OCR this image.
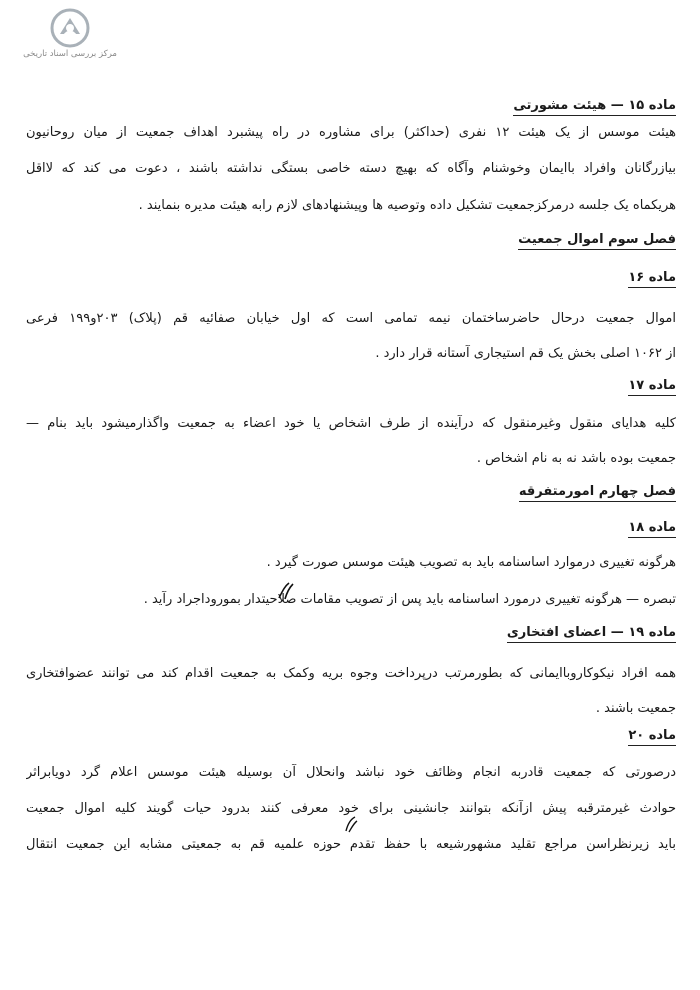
مرکز بررسی اسناد تاریخی
ماده ۱۵ — هیئت مشورتی
هیئت موسس از یک هیئت ۱۲ نفری (حداکثر) برای مشاوره در راه پیشبرد اهداف جمعیت از میان روحانیون
بیازرگانان وافراد باایمان وخوشنام وآگاه که بهیچ دسته خاصی بستگی نداشته باشند ، دعوت می کند که لااقل
هریکماه یک جلسه درمرکزجمعیت تشکیل داده وتوصیه ها وپیشنهادهای لازم رابه هیئت مدیره بنمایند .
فصل سوم اموال جمعیت
ماده ۱۶
اموال جمعیت درحال حاضرساختمان نیمه تمامی است که اول خیابان صفائیه قم (پلاک) ۲۰۳و۱۹۹ فرعی
از ۱۰۶۲ اصلی بخش یک قم استیجاری آستانه قرار دارد .
ماده ۱۷
کلیه هدایای منقول وغیرمنقول که درآینده از طرف اشخاص یا خود اعضاء به جمعیت واگذارمیشود باید بنام —
جمعیت بوده باشد نه به نام اشخاص .
فصل چهارم امورمتفرقه
ماده ۱۸
هرگونه تغییری درموارد اساسنامه باید به تصویب هیئت موسس صورت گیرد .
تبصره — هرگونه تغییری درمورد اساسنامه باید پس از تصویب مقامات صلاحیتدار بموروداجراد رآید .
ماده ۱۹ — اعضای افتخاری
همه افراد نیکوکاروباایمانی که بطورمرتب درپرداخت وجوه بریه وکمک به جمعیت اقدام کند می توانند عضوافتخاری
جمعیت باشند .
ماده ۲۰
درصورتی که جمعیت قادربه انجام وظائف خود نباشد وانحلال آن بوسیله هیئت موسس اعلام گرد دویابراثر
حوادث غیرمترقبه پیش ازآنکه بتوانند جانشینی برای خود معرفی کنند بدرود حیات گویند کلیه اموال جمعیت
باید زیرنظراسن مراجع تقلید مشهورشیعه با حفظ تقدم حوزه علمیه قم به جمعیتی مشابه این جمعیت انتقال
